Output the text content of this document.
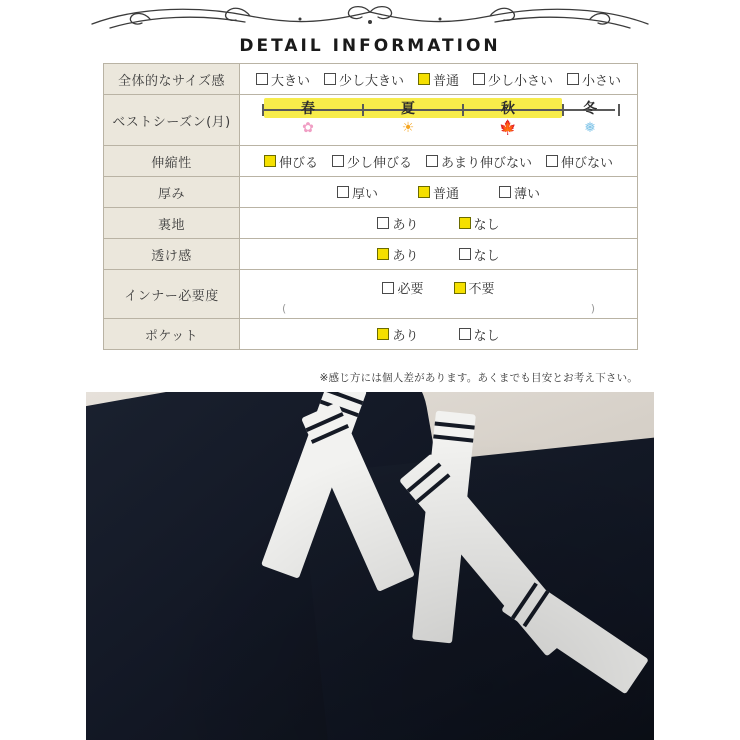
DETAIL INFORMATION
全体的なサイズ感	大きい 少し大きい 普通 少し小さい 小さい

ベストシーズン(月)	
春	夏	秋	冬
✿	☀	🍁	❅

伸縮性	伸びる 少し伸びる あまり伸びない 伸びない

厚み	厚い 普通 薄い

裏地	あり なし

透け感	あり なし

インナー必要度	必要 不要
( )

ポケット	あり なし
※感じ方には個人差があります。あくまでも目安とお考え下さい。
